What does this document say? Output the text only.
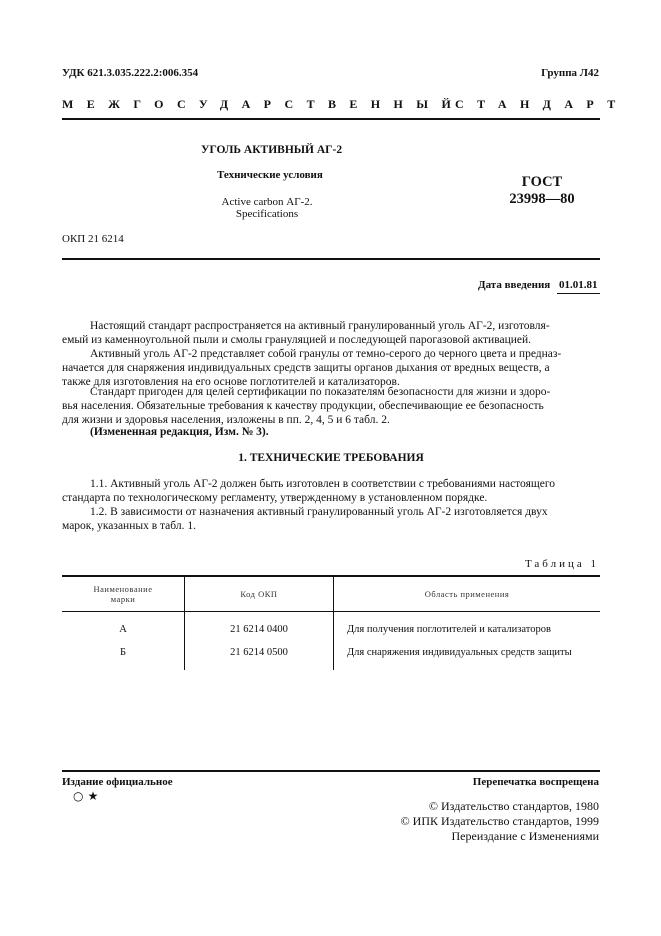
УДК 621.3.035.222.2:006.354	Группа Л42
МЕЖГОСУДАРСТВЕННЫЙ
СТАНДАРТ
УГОЛЬ АКТИВНЫЙ АГ-2
Технические условия
Active carbon АГ-2.
Specifications
ГОСТ
23998—80
ОКП 21 6214
Дата введения 01.01.81
Настоящий стандарт распространяется на активный гранулированный уголь АГ-2, изготовля-
емый из каменноугольной пыли и смолы грануляцией и последующей парогазовой активацией.
Активный уголь АГ-2 представляет собой гранулы от темно-серого до черного цвета и предназ-
начается для снаряжения индивидуальных средств защиты органов дыхания от вредных веществ, а
также для изготовления на его основе поглотителей и катализаторов.
Стандарт пригоден для целей сертификации по показателям безопасности для жизни и здоро-
вья населения. Обязательные требования к качеству продукции, обеспечивающие ее безопасность
для жизни и здоровья населения, изложены в пп. 2, 4, 5 и 6 табл. 2.
(Измененная редакция, Изм. № 3).
1. ТЕХНИЧЕСКИЕ ТРЕБОВАНИЯ
1.1. Активный уголь АГ-2 должен быть изготовлен в соответствии с требованиями настоящего
стандарта по технологическому регламенту, утвержденному в установленном порядке.
1.2. В зависимости от назначения активный гранулированный уголь АГ-2 изготовляется двух
марок, указанных в табл. 1.
Таблица 1
Наименование
марки	Код ОКП	Область применения
А	21 6214 0400	Для получения поглотителей и катализаторов
Б	21 6214 0500	Для снаряжения индивидуальных средств защиты
Издание официальное	Перепечатка воспрещена
○ ★
© Издательство стандартов, 1980
© ИПК Издательство стандартов, 1999
Переиздание с Изменениями
